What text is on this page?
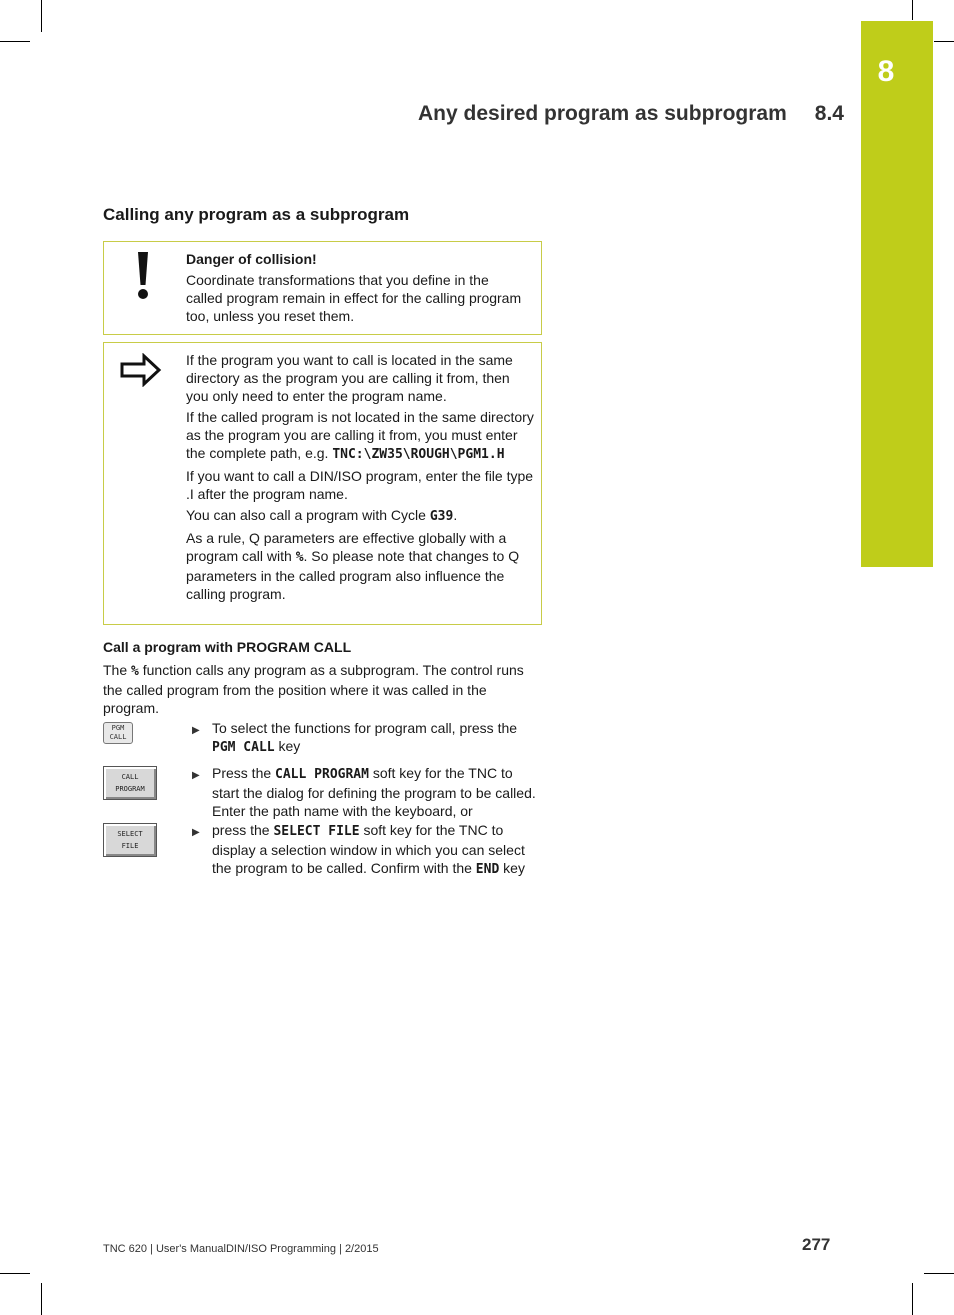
8
Any desired program as subprogram 8.4
Calling any program as a subprogram

Danger of collision!

Coordinate transformations that you define in the called program remain in effect for the calling program too, unless you reset them.

If the program you want to call is located in the same directory as the program you are calling it from, then you only need to enter the program name.

If the called program is not located in the same directory as the program you are calling it from, you must enter the complete path, e.g. TNC:\ZW35\ROUGH\PGM1.H

If you want to call a DIN/ISO program, enter the file type .I after the program name.

You can also call a program with Cycle G39.

As a rule, Q parameters are effective globally with a program call with %. So please note that changes to Q parameters in the called program also influence the calling program.

Call a program with PROGRAM CALL
The % function calls any program as a subprogram. The control runs the called program from the position where it was called in the program.
PGM
CALL
▶ To select the functions for program call, press the PGM CALL key
CALL
PROGRAM
▶ Press the CALL PROGRAM soft key for the TNC to start the dialog for defining the program to be called. Enter the path name with the keyboard, or
SELECT
FILE
▶ press the SELECT FILE soft key for the TNC to display a selection window in which you can select the program to be called. Confirm with the END key
TNC 620 | User's ManualDIN/ISO Programming | 2/2015	277
